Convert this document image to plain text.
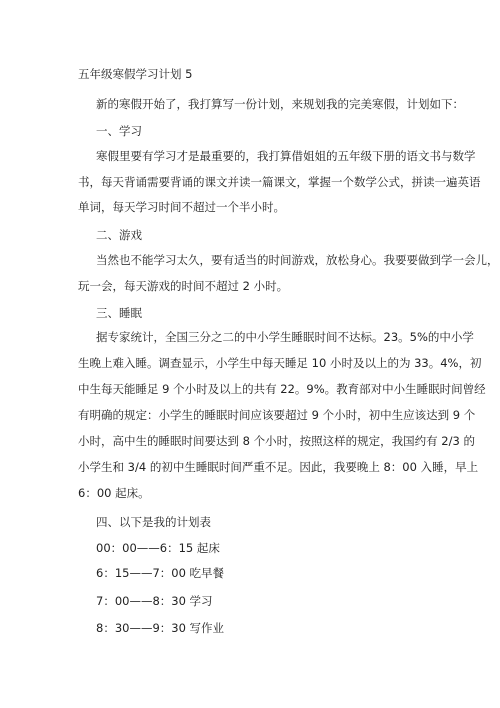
五年级寒假学习计划 5
新的寒假开始了，我打算写一份计划，来规划我的完美寒假，计划如下：
一、学习
寒假里要有学习才是最重要的，我打算借姐姐的五年级下册的语文书与数学
书，每天背诵需要背诵的课文并读一篇课文，掌握一个数学公式，拼读一遍英语
单词，每天学习时间不超过一个半小时。
二、游戏
当然也不能学习太久，要有适当的时间游戏，放松身心。我要要做到学一会儿，
玩一会，每天游戏的时间不超过 2 小时。
三、睡眠
据专家统计，全国三分之二的中小学生睡眠时间不达标。23。5%的中小学
生晚上难入睡。调查显示，小学生中每天睡足 10 小时及以上的为 33。4%，初
中生每天能睡足 9 个小时及以上的共有 22。9%。教育部对中小生睡眠时间曾经
有明确的规定：小学生的睡眠时间应该要超过 9 个小时，初中生应该达到 9 个
小时，高中生的睡眠时间要达到 8 个小时，按照这样的规定，我国约有 2/3 的
小学生和 3/4 的初中生睡眠时间严重不足。因此，我要晚上 8：00 入睡，早上
6：00 起床。
四、以下是我的计划表
00：00——6：15 起床
6：15——7：00 吃早餐
7：00——8：30 学习
8：30——9：30 写作业
